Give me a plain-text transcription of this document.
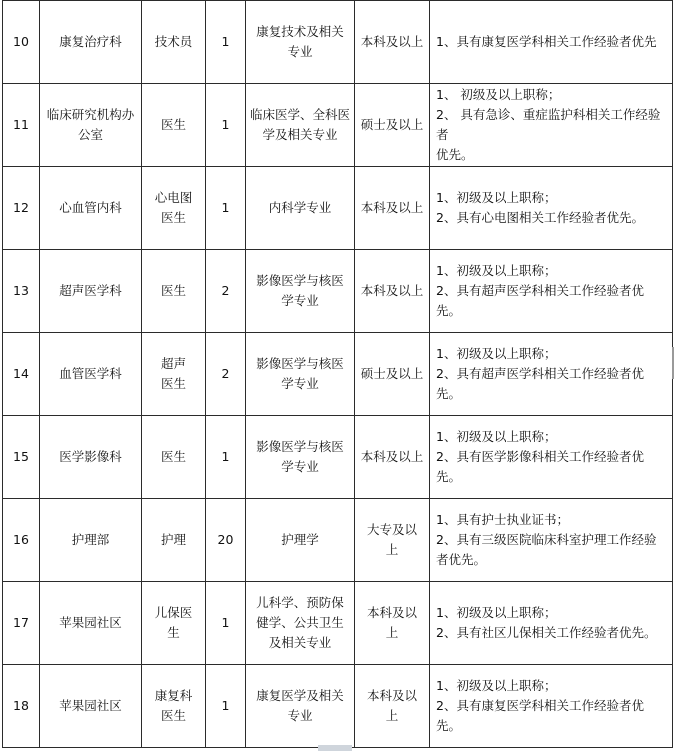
10	康复治疗科	技术员	1	康复技术及相关
专业	本科及以上	1、具有康复医学科相关工作经验者优先

11	临床研究机构办
公室	医生	1	临床医学、全科医
学及相关专业	硕士及以上	1、 初级及以上职称；
2、 具有急诊、重症监护科相关工作经验者
优先。

12	心血管内科	心电图
医生	1	内科学专业	本科及以上	1、初级及以上职称；
2、具有心电图相关工作经验者优先。

13	超声医学科	医生	2	影像医学与核医
学专业	本科及以上	1、初级及以上职称；
2、具有超声医学科相关工作经验者优先。

14	血管医学科	超声
医生	2	影像医学与核医
学专业	硕士及以上	1、初级及以上职称；
2、具有超声医学科相关工作经验者优先。

15	医学影像科	医生	1	影像医学与核医
学专业	本科及以上	1、初级及以上职称；
2、具有医学影像科相关工作经验者优先。

16	护理部	护理	20	护理学	大专及以
上	1、具有护士执业证书；
2、具有三级医院临床科室护理工作经验
者优先。

17	苹果园社区	儿保医
生	1	儿科学、预防保
健学、公共卫生
及相关专业	本科及以
上	1、初级及以上职称；
2、具有社区儿保相关工作经验者优先。

18	苹果园社区	康复科
医生	1	康复医学及相关
专业	本科及以
上	1、初级及以上职称；
2、具有康复医学科相关工作经验者优
先。
